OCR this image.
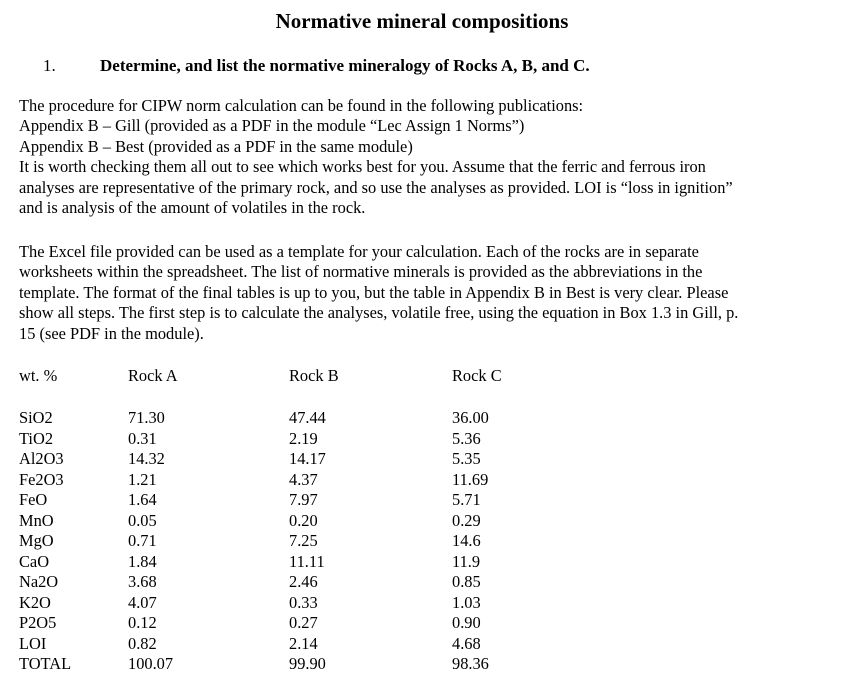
Normative mineral compositions
1.	Determine, and list the normative mineralogy of Rocks A, B, and C.
The procedure for CIPW norm calculation can be found in the following publications:
Appendix B – Gill (provided as a PDF in the module “Lec Assign 1 Norms”)
Appendix B – Best (provided as a PDF in the same module)
It is worth checking them all out to see which works best for you. Assume that the ferric and ferrous iron
analyses are representative of the primary rock, and so use the analyses as provided. LOI is “loss in ignition”
and is analysis of the amount of volatiles in the rock.
The Excel file provided can be used as a template for your calculation. Each of the rocks are in separate
worksheets within the spreadsheet. The list of normative minerals is provided as the abbreviations in the
template. The format of the final tables is up to you, but the table in Appendix B in Best is very clear. Please
show all steps. The first step is to calculate the analyses, volatile free, using the equation in Box 1.3 in Gill, p.
15 (see PDF in the module).
wt. %	Rock A	Rock B	Rock C
SiO2	71.30	47.44	36.00
TiO2	0.31	2.19	5.36
Al2O3	14.32	14.17	5.35
Fe2O3	1.21	4.37	11.69
FeO	1.64	7.97	5.71
MnO	0.05	0.20	0.29
MgO	0.71	7.25	14.6
CaO	1.84	11.11	11.9
Na2O	3.68	2.46	0.85
K2O	4.07	0.33	1.03
P2O5	0.12	0.27	0.90
LOI	0.82	2.14	4.68
TOTAL	100.07	99.90	98.36
